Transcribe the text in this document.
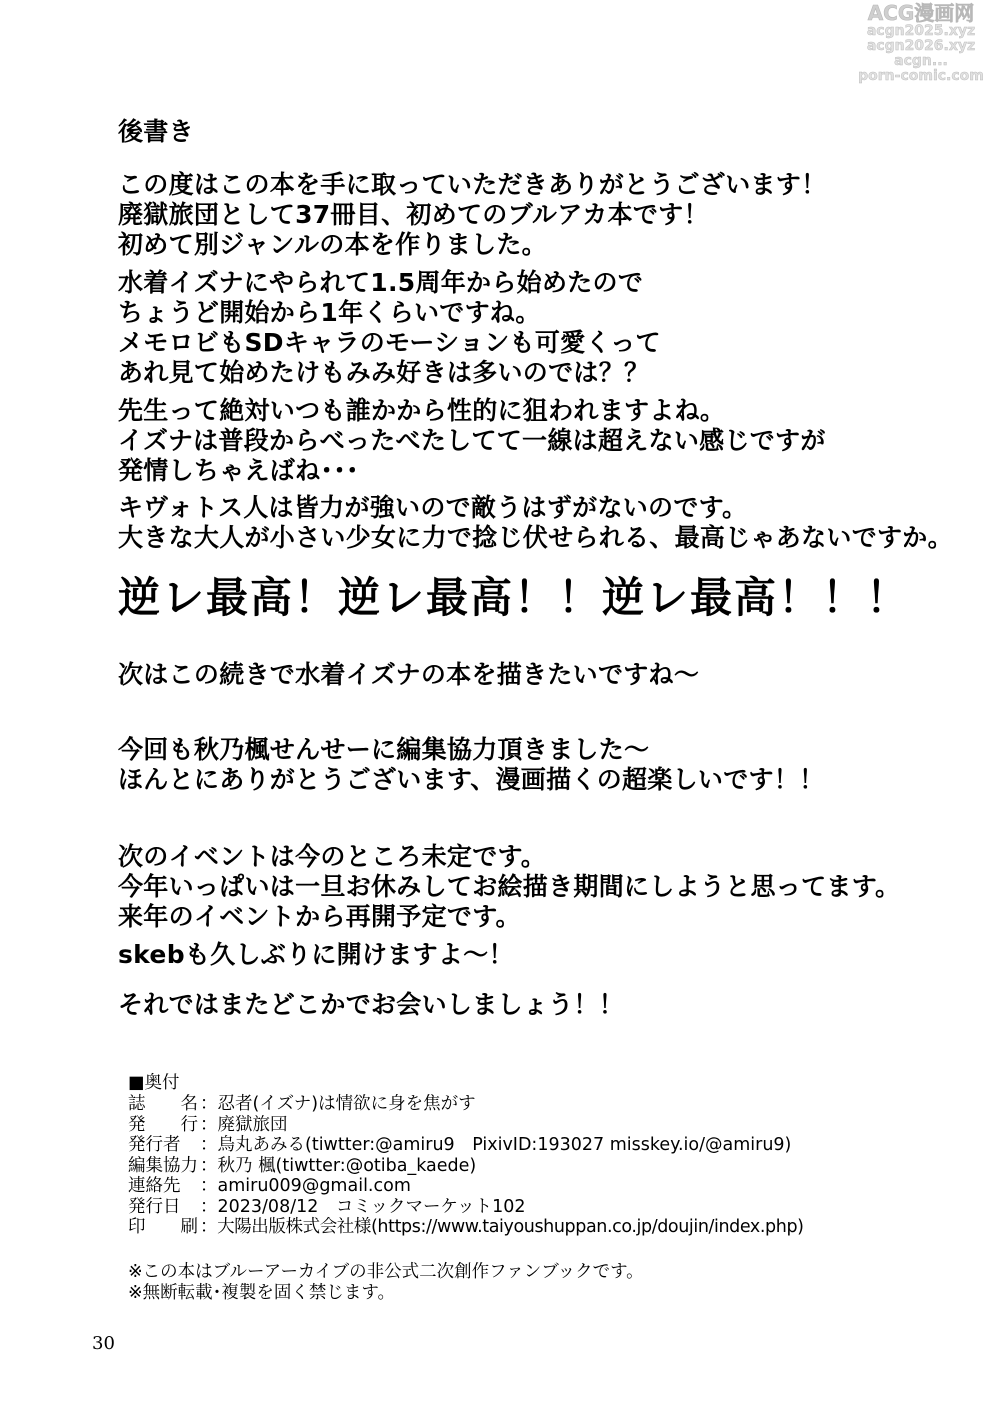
ACG漫画网
acgn2025.xyz
acgn2026.xyz
acgn...
porn-comic.com
後書き
この度はこの本を手に取っていただきありがとうございます！
廃獄旅団として37冊目、初めてのブルアカ本です！
初めて別ジャンルの本を作りました。
水着イズナにやられて1.5周年から始めたので
ちょうど開始から1年くらいですね。
メモロビもSDキャラのモーションも可愛くって
あれ見て始めたけもみみ好きは多いのでは？？
先生って絶対いつも誰かから性的に狙われますよね。
イズナは普段からべったべたしてて一線は超えない感じですが
発情しちゃえばね･･･
キヴォトス人は皆力が強いので敵うはずがないのです。
大きな大人が小さい少女に力で捻じ伏せられる、最高じゃあないですか。
逆レ最高！逆レ最高！！逆レ最高！！！
次はこの続きで水着イズナの本を描きたいですね～
今回も秋乃楓せんせーに編集協力頂きました～
ほんとにありがとうございます、漫画描くの超楽しいです！！
次のイベントは今のところ未定です。
今年いっぱいは一旦お休みしてお絵描き期間にしようと思ってます。
来年のイベントから再開予定です。
skebも久しぶりに開けますよ～！
それではまたどこかでお会いしましょう！！
■奥付
誌　　名
発　　行
発行者
編集協力
連絡先
発行日
印　　刷
：忍者(イズナ)は情欲に身を焦がす
：廃獄旅団
：烏丸あみる(tiwtter:@amiru9　PixivID:193027 misskey.io/@amiru9)
：秋乃 楓(tiwtter:@otiba_kaede)
：amiru009@gmail.com
：2023/08/12　コミックマーケット102
：大陽出版株式会社様(https://www.taiyoushuppan.co.jp/doujin/index.php)
※この本はブルーアーカイブの非公式二次創作ファンブックです。
※無断転載･複製を固く禁じます。
30
